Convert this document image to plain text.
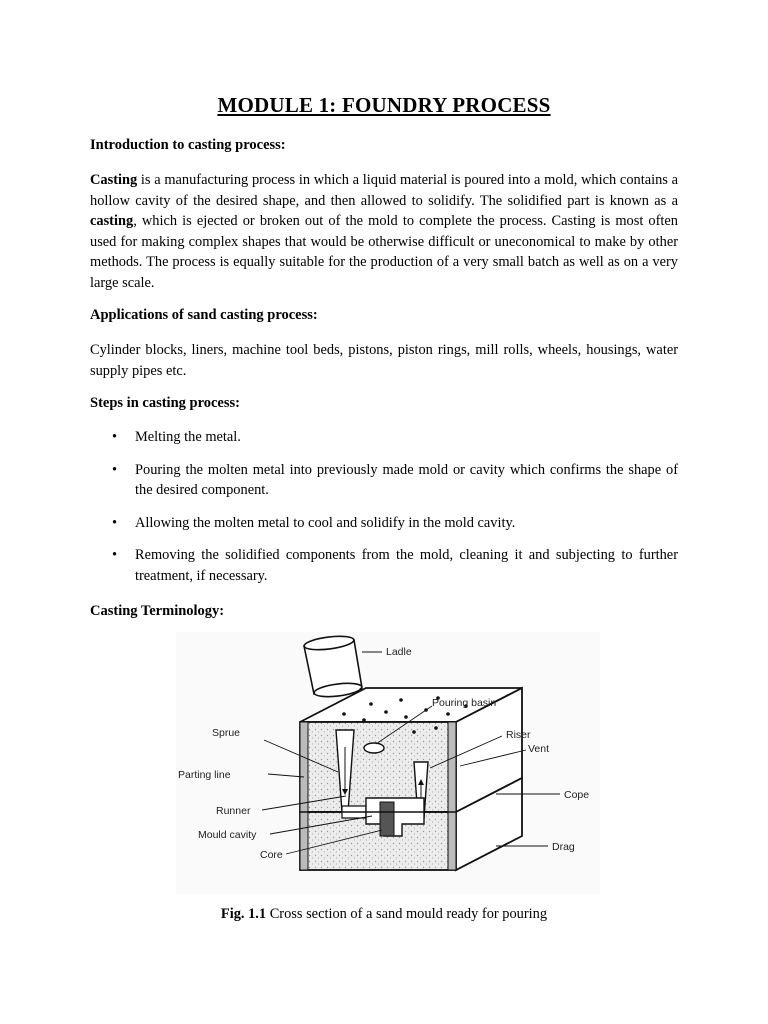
MODULE 1: FOUNDRY PROCESS
Introduction to casting process:
Casting is a manufacturing process in which a liquid material is poured into a mold, which contains a hollow cavity of the desired shape, and then allowed to solidify. The solidified part is known as a casting, which is ejected or broken out of the mold to complete the process. Casting is most often used for making complex shapes that would be otherwise difficult or uneconomical to make by other methods. The process is equally suitable for the production of a very small batch as well as on a very large scale.
Applications of sand casting process:
Cylinder blocks, liners, machine tool beds, pistons, piston rings, mill rolls, wheels, housings, water supply pipes etc.
Steps in casting process:
• Melting the metal.
• Pouring the molten metal into previously made mold or cavity which confirms the shape of the desired component.
• Allowing the molten metal to cool and solidify in the mold cavity.
• Removing the solidified components from the mold, cleaning it and subjecting to further treatment, if necessary.
Casting Terminology:
Ladle
Pouring basin
Sprue	Riser
Vent
Parting line
Cope
Runner
Mould cavity
Drag
Core
Fig. 1.1 Cross section of a sand mould ready for pouring
